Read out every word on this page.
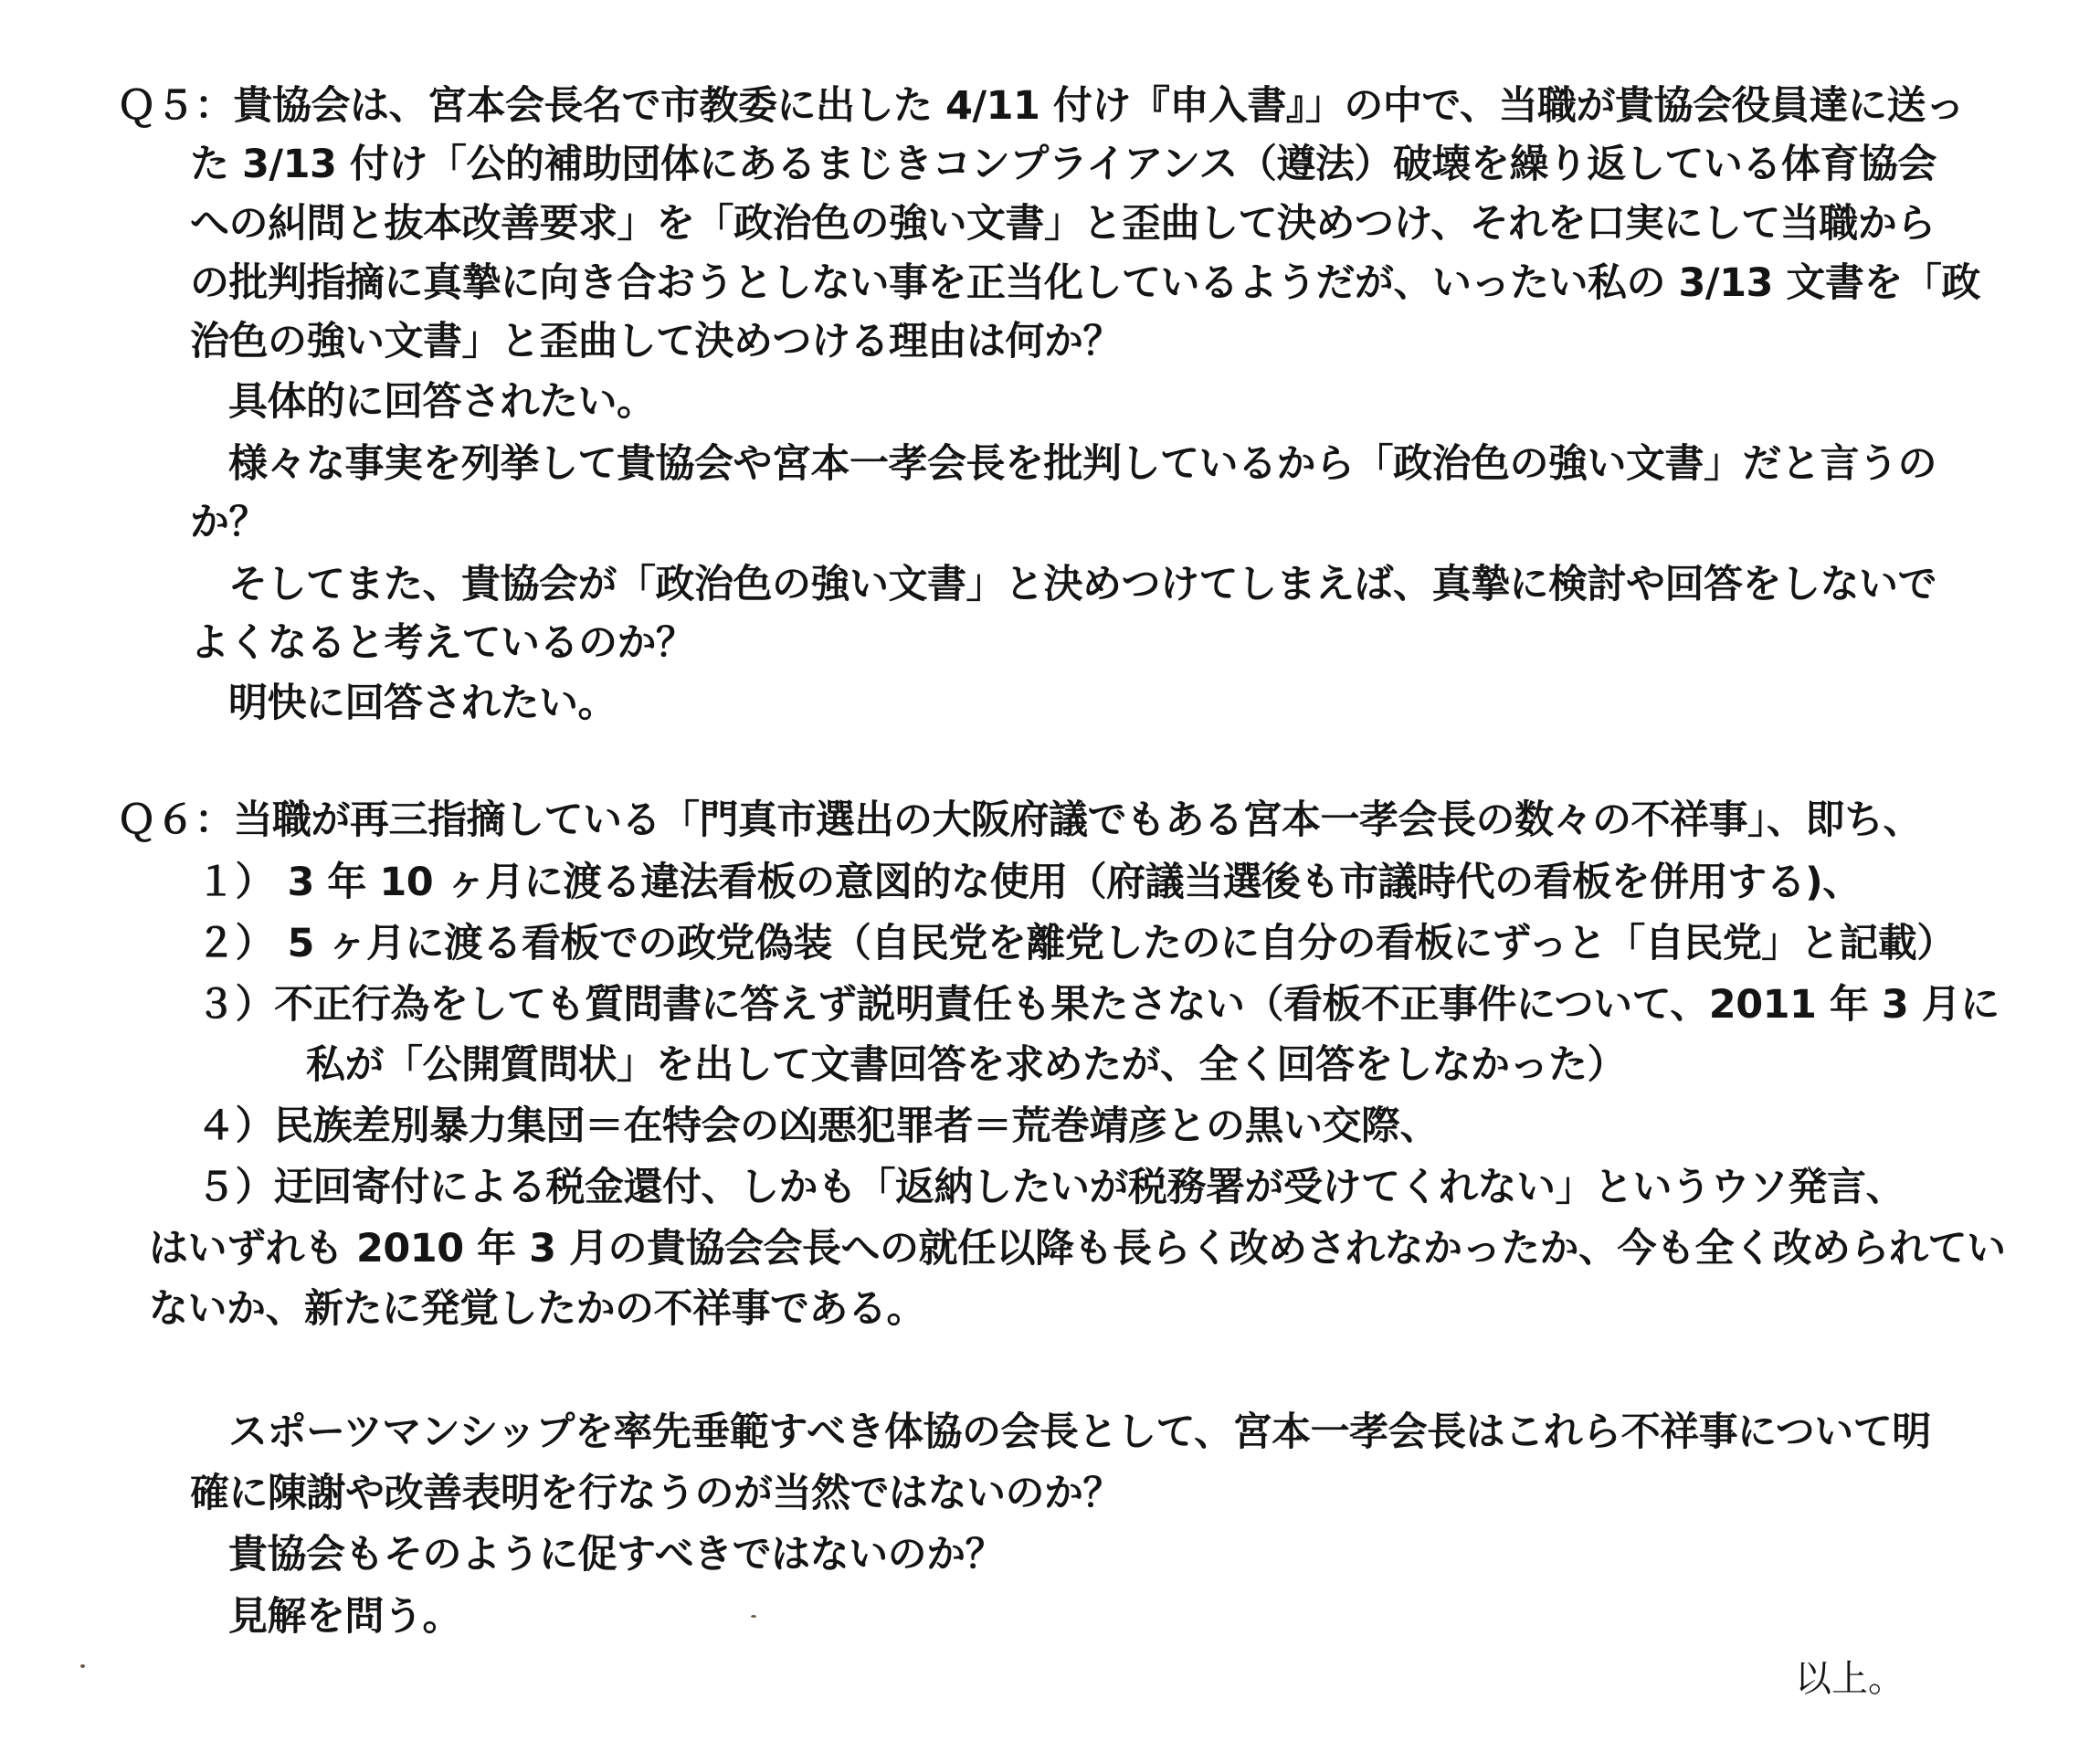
Ｑ５：貴協会は、宮本会長名で市教委に出した 4/11 付け『申入書』」の中で、当職が貴協会役員達に送っ
た 3/13 付け「公的補助団体にあるまじきコンプライアンス（遵法）破壊を繰り返している体育協会
への糾問と抜本改善要求」を「政治色の強い文書」と歪曲して決めつけ、それを口実にして当職から
の批判指摘に真摯に向き合おうとしない事を正当化しているようだが、いったい私の 3/13 文書を「政
治色の強い文書」と歪曲して決めつける理由は何か？
具体的に回答されたい。
様々な事実を列挙して貴協会や宮本一孝会長を批判しているから「政治色の強い文書」だと言うの
か？
そしてまた、貴協会が「政治色の強い文書」と決めつけてしまえば、真摯に検討や回答をしないで
よくなると考えているのか？
明快に回答されたい。
Ｑ６：当職が再三指摘している「門真市選出の大阪府議でもある宮本一孝会長の数々の不祥事」、即ち、
１） 3 年 10 ヶ月に渡る違法看板の意図的な使用（府議当選後も市議時代の看板を併用する)、
２） 5 ヶ月に渡る看板での政党偽装（自民党を離党したのに自分の看板にずっと「自民党」と記載）
３）不正行為をしても質問書に答えず説明責任も果たさない（看板不正事件について、2011 年 3 月に
私が「公開質問状」を出して文書回答を求めたが、全く回答をしなかった）
４）民族差別暴力集団＝在特会の凶悪犯罪者＝荒巻靖彦との黒い交際、
５）迂回寄付による税金還付、しかも「返納したいが税務署が受けてくれない」というウソ発言、
はいずれも 2010 年 3 月の貴協会会長への就任以降も長らく改めされなかったか、今も全く改められてい
ないか、新たに発覚したかの不祥事である。
スポーツマンシップを率先垂範すべき体協の会長として、宮本一孝会長はこれら不祥事について明
確に陳謝や改善表明を行なうのが当然ではないのか？
貴協会もそのように促すべきではないのか？
見解を問う。
以上。
